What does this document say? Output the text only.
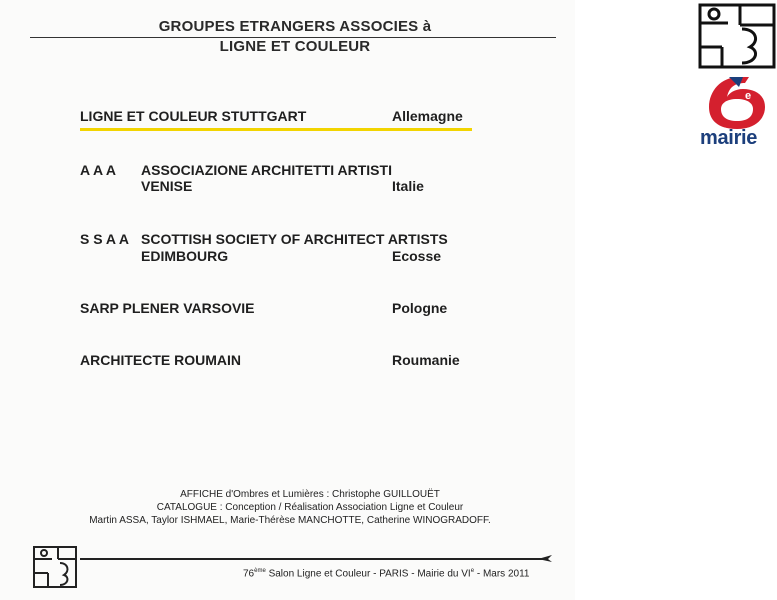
GROUPES ETRANGERS ASSOCIES à
LIGNE ET COULEUR
LIGNE ET COULEUR STUTTGART	Allemagne
A A A ASSOCIAZIONE ARCHITETTI ARTISTI
VENISE	Italie
S S A A SCOTTISH SOCIETY OF ARCHITECT ARTISTS
EDIMBOURG	Ecosse
SARP PLENER VARSOVIE	Pologne
ARCHITECTE ROUMAIN	Roumanie
AFFICHE d'Ombres et Lumières : Christophe GUILLOUËT
CATALOGUE : Conception / Réalisation Association Ligne et Couleur
Martin ASSA, Taylor ISHMAEL, Marie-Thérèse MANCHOTTE, Catherine WINOGRADOFF.
76ème Salon Ligne et Couleur - PARIS - Mairie du VIe - Mars 2011
e
mairie
